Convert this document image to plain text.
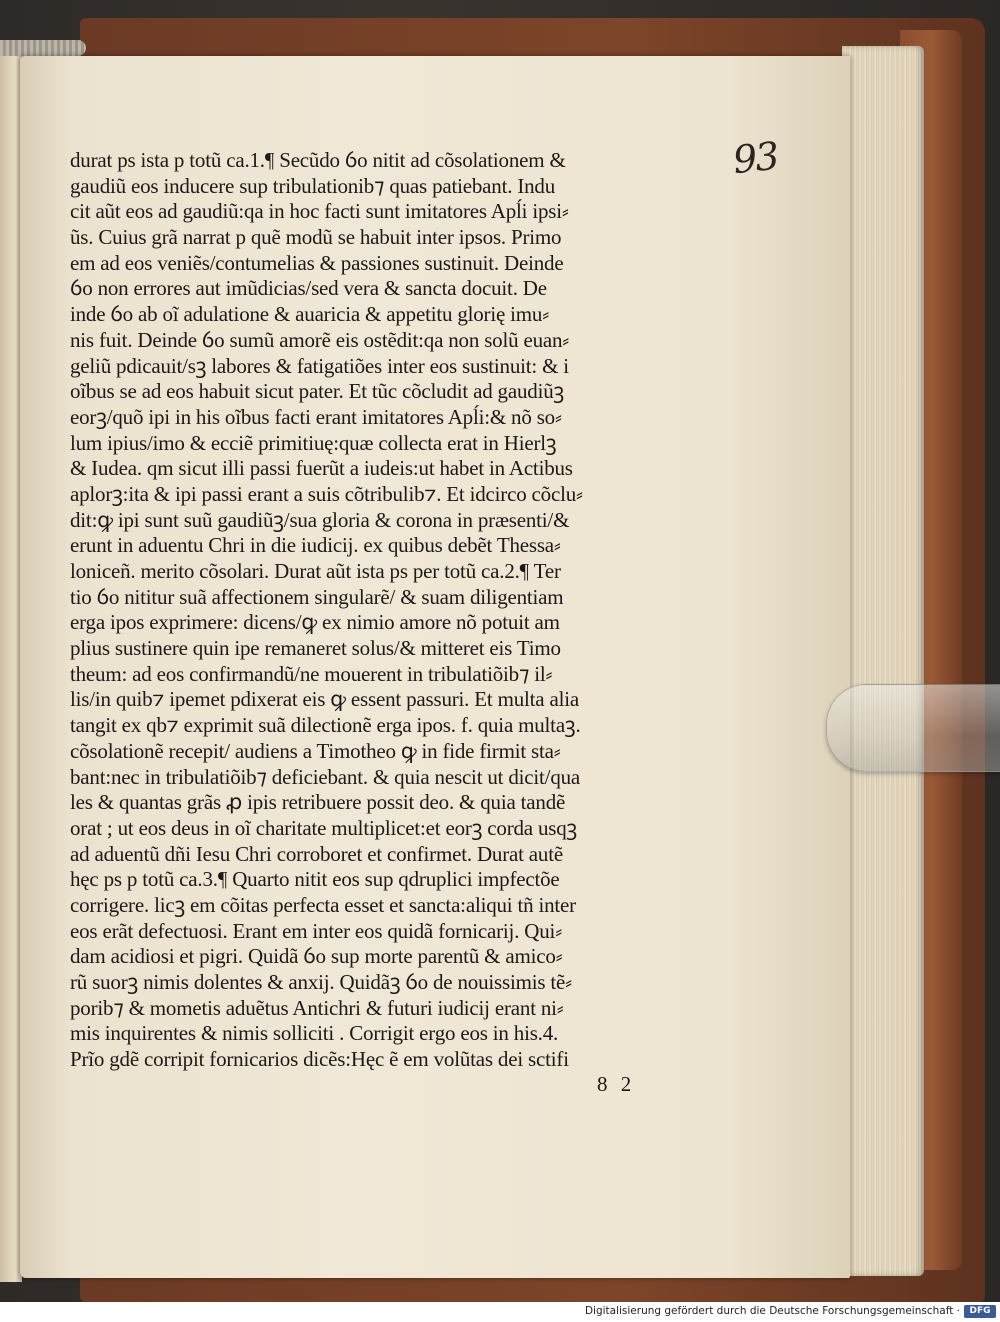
93
durat ps ista p totũ ca.1.¶ Secũdo ỽo nitit ad cõsolationem &
gaudiũ eos inducere sup tribulationib⁊ quas patiebant. Indu
cit aũt eos ad gaudiũ:qa in hoc facti sunt imitatores Apĺi ipsi⸗
ũs. Cuius grã narrat p quẽ modũ se habuit inter ipsos. Primo
em ad eos veniẽs/contumelias & passiones sustinuit. Deinde
ỽo non errores aut imũdicias/sed vera & sancta docuit. De
inde ỽo ab oĩ adulatione & auaricia & appetitu glorię imu⸗
nis fuit. Deinde ỽo sumũ amorẽ eis ostẽdit:qa non solũ euan⸗
geliũ pdicauit/sꝫ labores & fatigatiões inter eos sustinuit: & i
oĩbus se ad eos habuit sicut pater. Et tũc cõcludit ad gaudiũꝫ
eorꝫ/quõ ipi in his oĩbus facti erant imitatores Apĺi:& nõ so⸗
lum ipius/imo & ecciẽ primitiuę:quæ collecta erat in Hierlꝫ
& Iudea. qm sicut illi passi fuerũt a iudeis:ut habet in Actibus
aplorꝫ:ita & ipi passi erant a suis cõtribulib⁊. Et idcirco cõclu⸗
dit:ꝙ ipi sunt suũ gaudiũꝫ/sua gloria & corona in præsenti/&
erunt in aduentu Chri in die iudicij. ex quibus debẽt Thessa⸗
loniceñ. merito cõsolari. Durat aũt ista ps per totũ ca.2.¶ Ter
tio ỽo nititur suã affectionem singularẽ/ & suam diligentiam
erga ipos exprimere: dicens/ꝙ ex nimio amore nõ potuit am
plius sustinere quin ipe remaneret solus/& mitteret eis Timo
theum: ad eos confirmandũ/ne mouerent in tribulatiõib⁊ il⸗
lis/in quib⁊ ipemet pdixerat eis ꝙ essent passuri. Et multa alia
tangit ex qb⁊ exprimit suã dilectionẽ erga ipos. f. quia multaꝫ.
cõsolationẽ recepit/ audiens a Timotheo ꝙ in fide firmit sta⸗
bant:nec in tribulatiõib⁊ deficiebant. & quia nescit ut dicit/qua
les & quantas grãs ꝓ ipis retribuere possit deo. & quia tandẽ
orat ; ut eos deus in oĩ charitate multiplicet:et eorꝫ corda usqꝫ
ad aduentũ dñi Iesu Chri corroboret et confirmet. Durat autẽ
hęc ps p totũ ca.3.¶ Quarto nitit eos sup qdruplici impfectõe
corrigere. licꝫ em cõitas perfecta esset et sancta:aliqui tñ inter
eos erãt defectuosi. Erant em inter eos quidã fornicarij. Qui⸗
dam acidiosi et pigri. Quidã ỽo sup morte parentũ & amico⸗
rũ suorꝫ nimis dolentes & anxij. Quidãꝫ ỽo de nouissimis tẽ⸗
porib⁊ & mometis aduẽtus Antichri & futuri iudicij erant ni⸗
mis inquirentes & nimis solliciti . Corrigit ergo eos in his.4.
Prĩo gdẽ corripit fornicarios dicẽs:Hęc ẽ em volũtas dei sctifi
8 2
Digitalisierung gefördert durch die Deutsche Forschungsgemeinschaft ·	DFG
